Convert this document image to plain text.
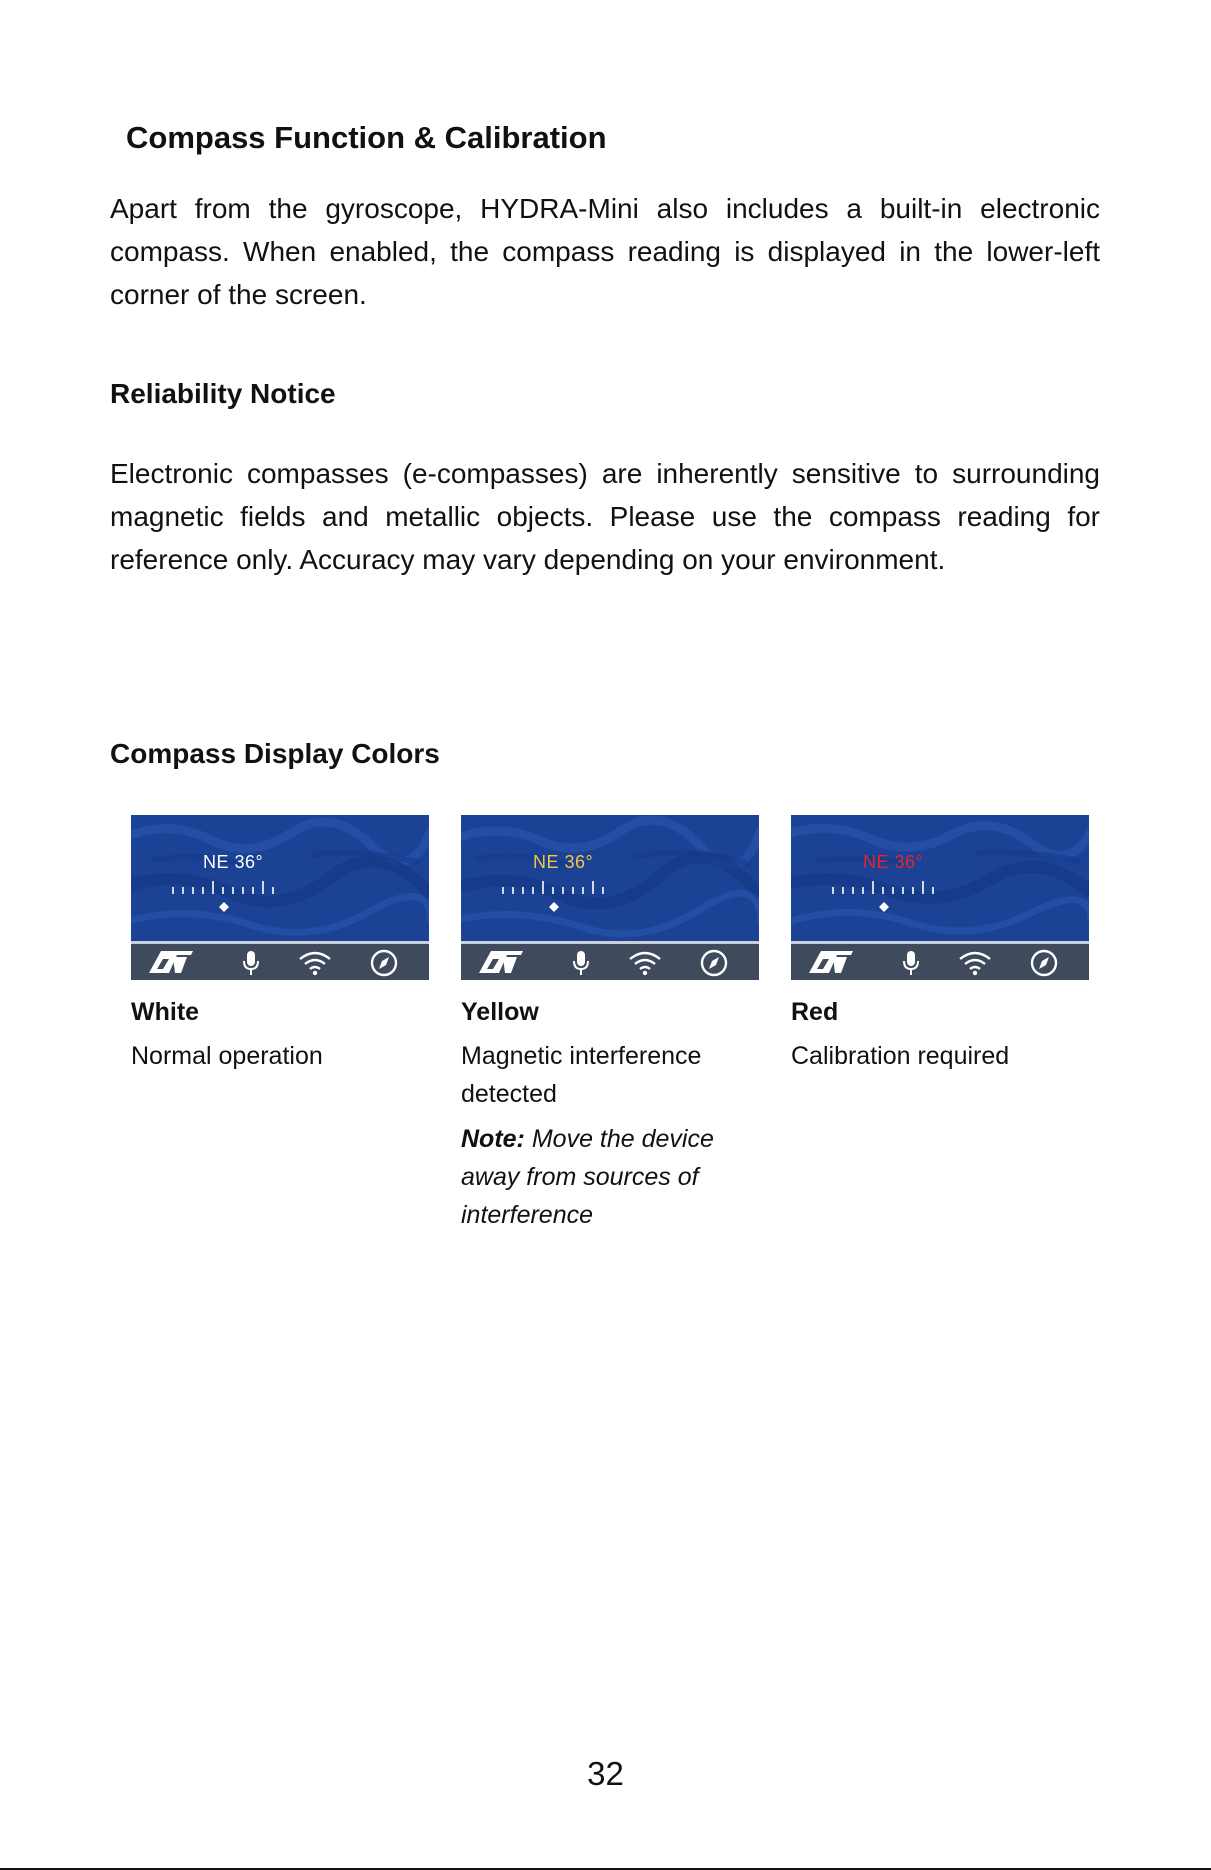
Compass Function & Calibration

Apart from the gyroscope, HYDRA-Mini also includes a built-in electronic compass. When enabled, the compass reading is displayed in the lower-left corner of the screen.

Reliability Notice

Electronic compasses (e-compasses) are inherently sensitive to surrounding magnetic fields and metallic objects. Please use the compass reading for reference only. Accuracy may vary depending on your environment.

Compass Display Colors
NE 36°

White

Normal operation

NE 36°

Yellow

Magnetic interference detected

Note: Move the device away from sources of interference

NE 36°

Red

Calibration required

32
